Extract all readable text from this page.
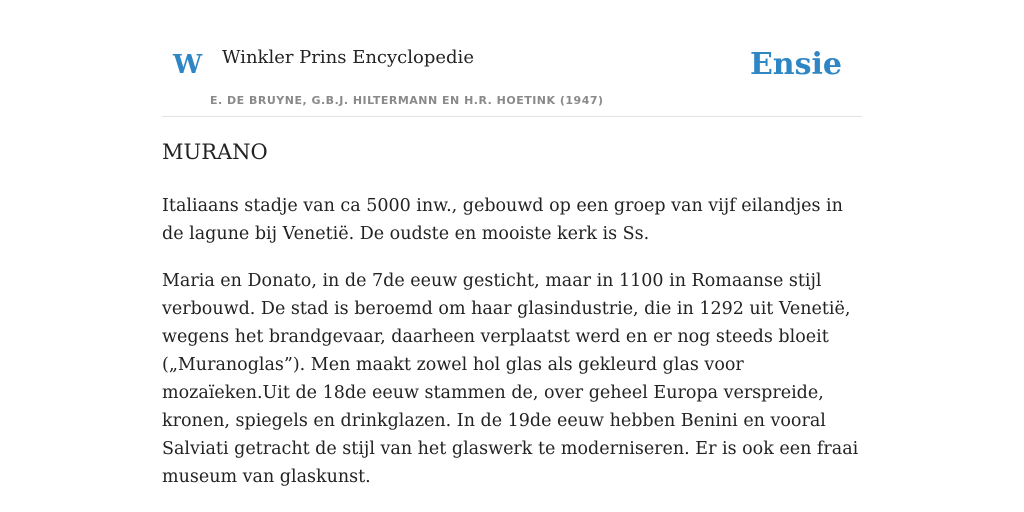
W Winkler Prins Encyclopedie
E. DE BRUYNE, G.B.J. HILTERMANN EN H.R. HOETINK (1947)
Ensie
MURANO

Italiaans stadje van ca 5000 inw., gebouwd op een groep van vijf eilandjes in de lagune bij Venetië. De oudste en mooiste kerk is Ss.

Maria en Donato, in de 7de eeuw gesticht, maar in 1100 in Romaanse stijl verbouwd. De stad is beroemd om haar glasindustrie, die in 1292 uit Venetië, wegens het brandgevaar, daarheen verplaatst werd en er nog steeds bloeit („Muranoglas”). Men maakt zowel hol glas als gekleurd glas voor mozaïeken.Uit de 18de eeuw stammen de, over geheel Europa verspreide, kronen, spiegels en drinkglazen. In de 19de eeuw hebben Benini en vooral Salviati getracht de stijl van het glaswerk te moderniseren. Er is ook een fraai museum van glaskunst.
